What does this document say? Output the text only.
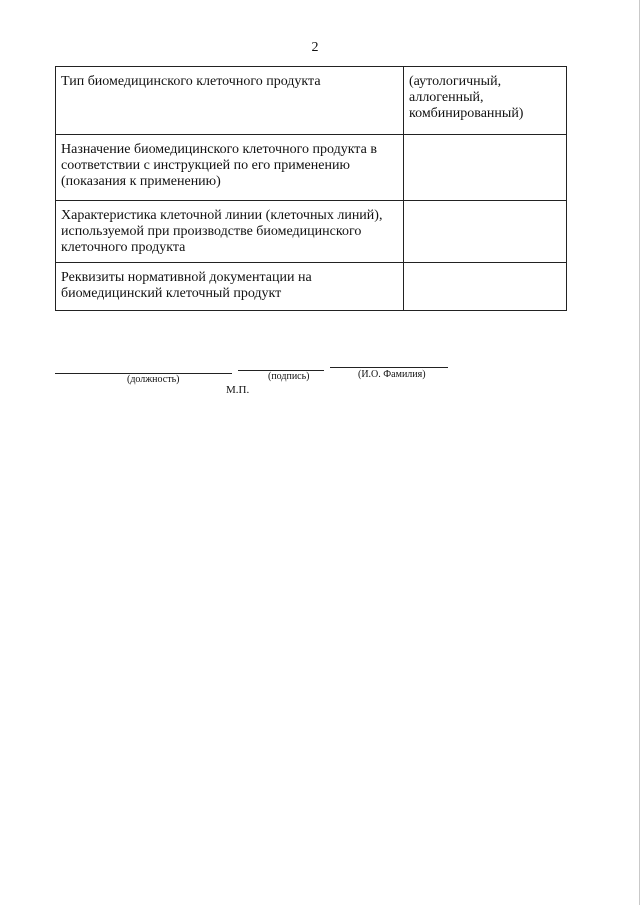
2
Тип биомедицинского клеточного продукта	(аутологичный, аллогенный, комбинированный)
Назначение биомедицинского клеточного продукта в соответствии с инструкцией по его применению (показания к применению)	
Характеристика клеточной линии (клеточных линий), используемой при производстве биомедицинского клеточного продукта	
Реквизиты нормативной документации на биомедицинский клеточный продукт	
(должность)	(подпись)	(И.О. Фамилия)
М.П.
